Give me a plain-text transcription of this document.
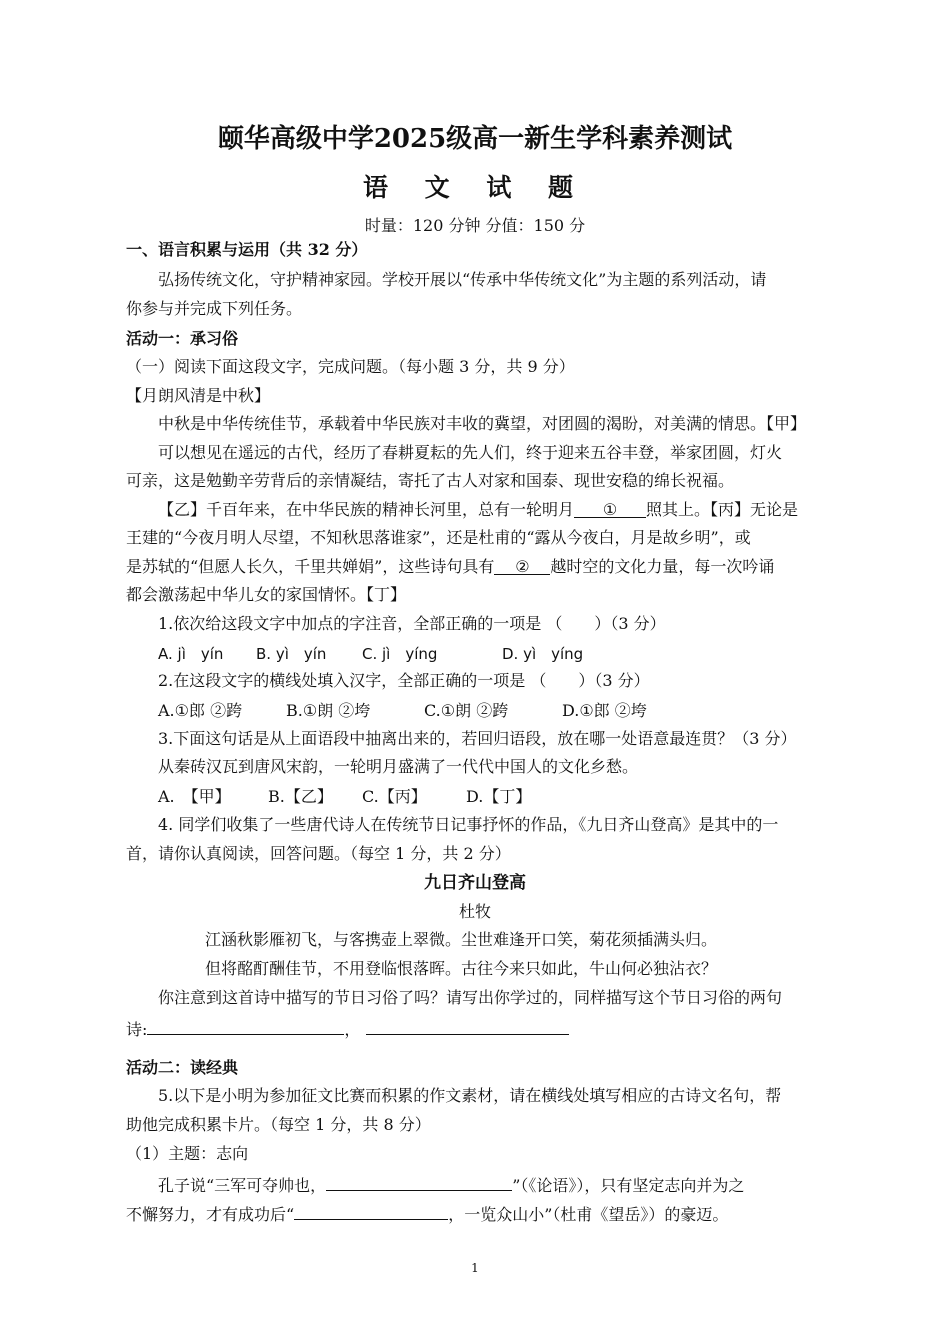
颐华高级中学2025级高一新生学科素养测试
语 文 试 题
时量：120 分钟 分值：150 分
一、语言积累与运用（共 32 分）
弘扬传统文化，守护精神家园。学校开展以“传承中华传统文化”为主题的系列活动，请
你参与并完成下列任务。
活动一：承习俗
（一）阅读下面这段文字，完成问题。（每小题 3 分，共 9 分）
【月朗风清是中秋】
中秋是中华传统佳节，承载着中华民族对丰收的冀望，对团圆的渴盼，对美满的情思。【甲】
可以想见在遥远的古代，经历了春耕夏耘的先人们，终于迎来五谷丰登，举家团圆，灯火
可亲，这是勉勤辛劳背后的亲情凝结，寄托了古人对家和国泰、现世安稳的绵长祝福。
【乙】千百年来，在中华民族的精神长河里，总有一轮明月 ① 照其上。【丙】无论是
王建的“今夜月明人尽望，不知秋思落谁家”，还是杜甫的“露从今夜白，月是故乡明”，或
是苏轼的“但愿人长久，千里共婵娟”，这些诗句具有 ② 越时空的文化力量，每一次吟诵
都会激荡起中华儿女的家国情怀。【丁】
1.依次给这段文字中加点的字注音，全部正确的一项是 （　　）（3 分）
A. jì　yín B. yì　yín C. jì　yíng	D. yì　yíng
2.在这段文字的横线处填入汉字，全部正确的一项是 （　　）（3 分）
A.①郎 ②跨	B.①朗 ②垮	C.①朗 ②跨	D.①郎 ②垮
3.下面这句话是从上面语段中抽离出来的，若回归语段，放在哪一处语意最连贯？（3 分）
从秦砖汉瓦到唐风宋韵，一轮明月盛满了一代代中国人的文化乡愁。
A.　【甲】 B.【乙】 C.【丙】 D.【丁】
4. 同学们收集了一些唐代诗人在传统节日记事抒怀的作品，《九日齐山登高》是其中的一
首，请你认真阅读，回答问题。（每空 1 分，共 2 分）
九日齐山登高
杜牧
江涵秋影雁初飞，与客携壶上翠微。尘世难逢开口笑，菊花须插满头归。
但将酩酊酬佳节，不用登临恨落晖。古往今来只如此，牛山何必独沾衣？
你注意到这首诗中描写的节日习俗了吗？请写出你学过的，同样描写这个节日习俗的两句
诗:	，
活动二：读经典
5.以下是小明为参加征文比赛而积累的作文素材，请在横线处填写相应的古诗文名句，帮
助他完成积累卡片。（每空 1 分，共 8 分）
（1）主题：志向
孔子说“三军可夺帅也，	”（《论语》），只有坚定志向并为之
不懈努力，才有成功后“	，一览众山小”（杜甫《望岳》）的豪迈。
1
